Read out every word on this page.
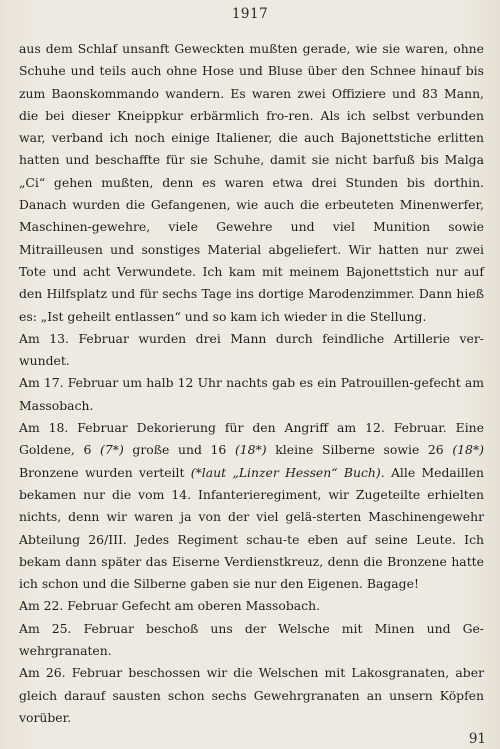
1917

aus dem Schlaf unsanft Geweckten mußten gerade, wie sie waren, ohne Schuhe und teils auch ohne Hose und Bluse über den Schnee hinauf bis zum Baonskommando wandern. Es waren zwei Offiziere und 83 Mann, die bei dieser Kneippkur erbärmlich fro-ren. Als ich selbst verbunden war, verband ich noch einige Italiener, die auch Bajonettstiche erlitten hatten und beschaffte für sie Schuhe, damit sie nicht barfuß bis Malga „Ci“ gehen mußten, denn es waren etwa drei Stunden bis dorthin. Danach wurden die Gefangenen, wie auch die erbeuteten Minenwerfer, Maschinen-gewehre, viele Gewehre und viel Munition sowie Mitrailleusen und sonstiges Material abgeliefert. Wir hatten nur zwei Tote und acht Verwundete. Ich kam mit meinem Bajonettstich nur auf den Hilfsplatz und für sechs Tage ins dortige Marodenzimmer. Dann hieß es: „Ist geheilt entlassen“ und so kam ich wieder in die Stellung.

Am 13. Februar wurden drei Mann durch feindliche Artillerie ver-wundet.

Am 17. Februar um halb 12 Uhr nachts gab es ein Patrouillen-gefecht am Massobach.

Am 18. Februar Dekorierung für den Angriff am 12. Februar. Eine Goldene, 6 (7*) große und 16 (18*) kleine Silberne sowie 26 (18*) Bronzene wurden verteilt (*laut „Linzer Hessen“ Buch). Alle Medaillen bekamen nur die vom 14. Infanterieregiment, wir Zugeteilte erhielten nichts, denn wir waren ja von der viel gelä-sterten Maschinengewehr Abteilung 26/III. Jedes Regiment schau-te eben auf seine Leute. Ich bekam dann später das Eiserne Verdienstkreuz, denn die Bronzene hatte ich schon und die Silberne gaben sie nur den Eigenen. Bagage!

Am 22. Februar Gefecht am oberen Massobach.

Am 25. Februar beschoß uns der Welsche mit Minen und Ge-wehrgranaten.

Am 26. Februar beschossen wir die Welschen mit Lakosgranaten, aber gleich darauf sausten schon sechs Gewehrgranaten an unsern Köpfen vorüber.

91
